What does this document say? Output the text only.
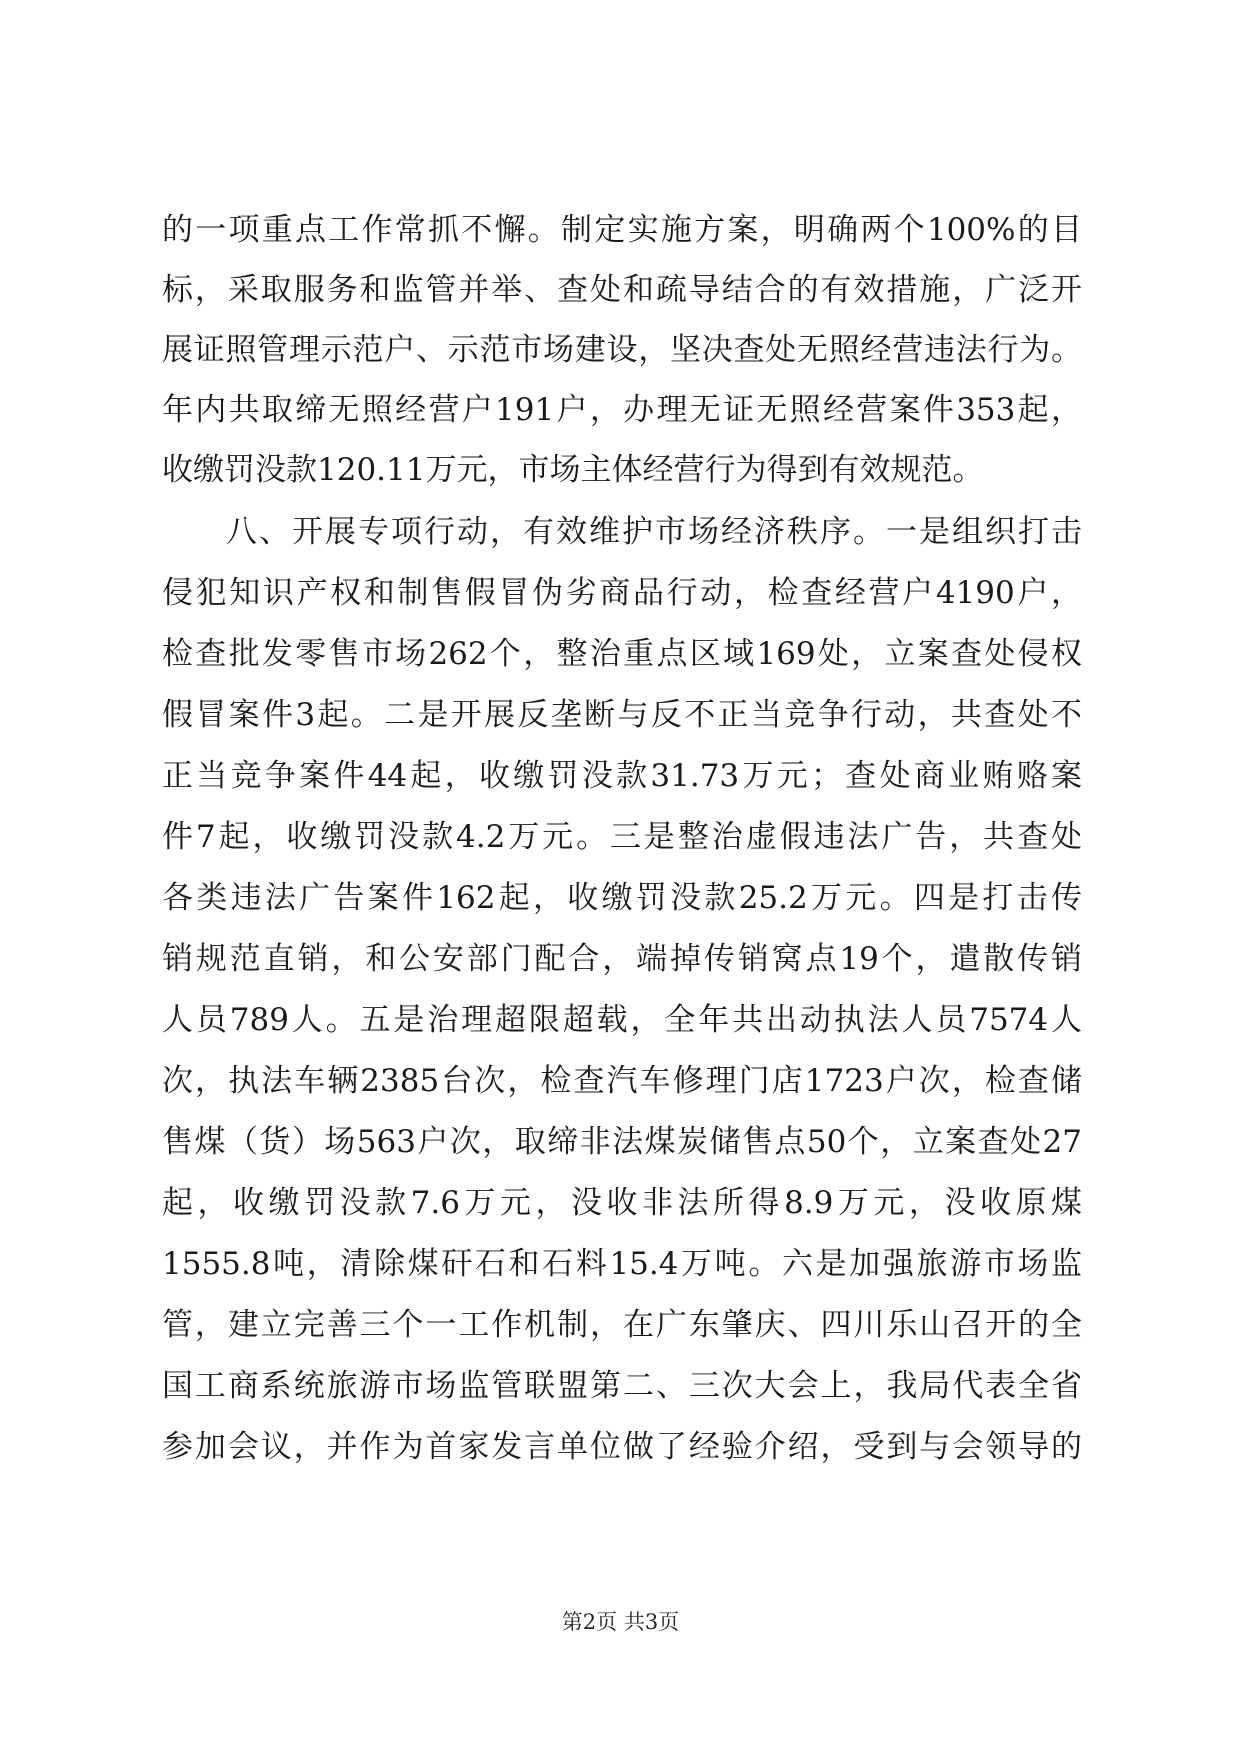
的一项重点工作常抓不懈。制定实施方案，明确两个100%的目
标，采取服务和监管并举、查处和疏导结合的有效措施，广泛开
展证照管理示范户、示范市场建设，坚决查处无照经营违法行为。
年内共取缔无照经营户191户，办理无证无照经营案件353起，
收缴罚没款120.11万元，市场主体经营行为得到有效规范。
八、开展专项行动，有效维护市场经济秩序。一是组织打击
侵犯知识产权和制售假冒伪劣商品行动，检查经营户4190户，
检查批发零售市场262个，整治重点区域169处，立案查处侵权
假冒案件3起。二是开展反垄断与反不正当竞争行动，共查处不
正当竞争案件44起，收缴罚没款31.73万元；查处商业贿赂案
件7起，收缴罚没款4.2万元。三是整治虚假违法广告，共查处
各类违法广告案件162起，收缴罚没款25.2万元。四是打击传
销规范直销，和公安部门配合，端掉传销窝点19个，遣散传销
人员789人。五是治理超限超载，全年共出动执法人员7574人
次，执法车辆2385台次，检查汽车修理门店1723户次，检查储
售煤（货）场563户次，取缔非法煤炭储售点50个，立案查处27
起，收缴罚没款7.6万元，没收非法所得8.9万元，没收原煤
1555.8吨，清除煤矸石和石料15.4万吨。六是加强旅游市场监
管，建立完善三个一工作机制，在广东肇庆、四川乐山召开的全
国工商系统旅游市场监管联盟第二、三次大会上，我局代表全省
参加会议，并作为首家发言单位做了经验介绍，受到与会领导的
第2页 共3页
